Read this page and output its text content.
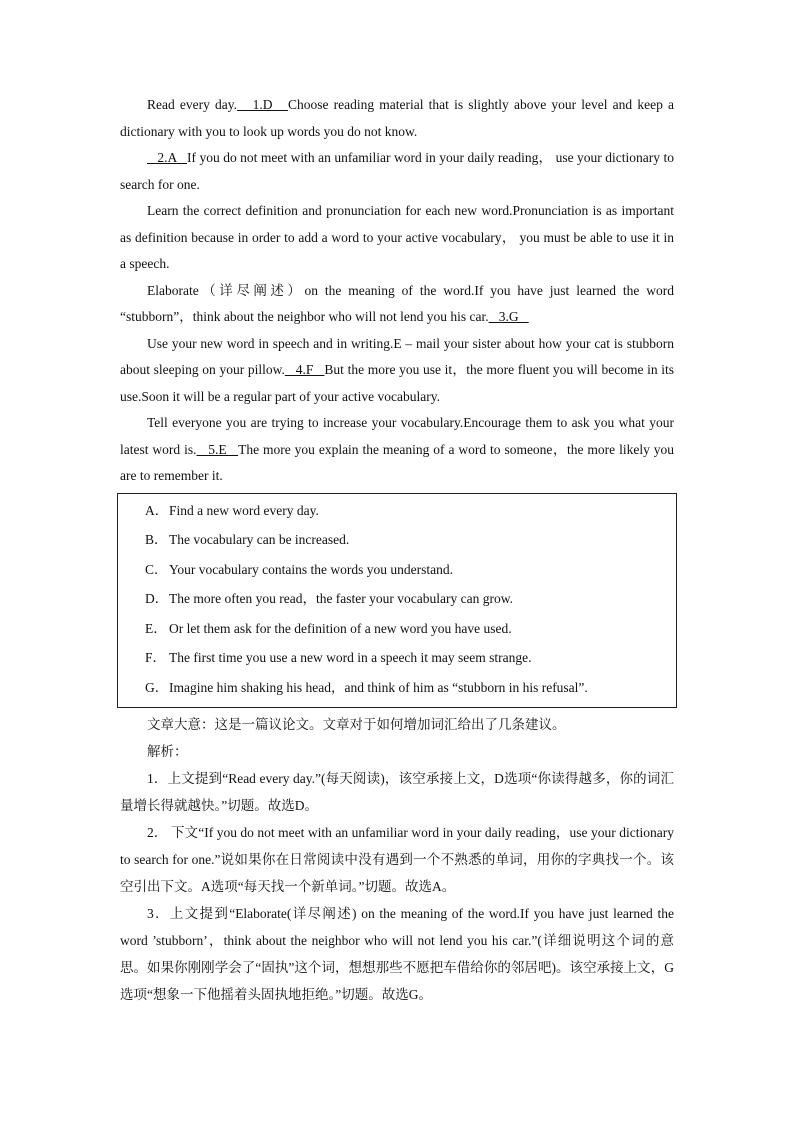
Read every day.   1.D   Choose reading material that is slightly above your level and keep a dictionary with you to look up words you do not know.

2.A   If you do not meet with an unfamiliar word in your daily reading， use your dictionary to search for one.

Learn the correct definition and pronunciation for each new word.Pronunciation is as important as definition because in order to add a word to your active vocabulary， you must be able to use it in a speech.

Elaborate（详尽阐述）on the meaning of the word.If you have just learned the word “stubborn”，think about the neighbor who will not lend you his car.   3.G

Use your new word in speech and in writing.E – mail your sister about how your cat is stubborn about sleeping on your pillow.   4.F   But the more you use it，the more fluent you will become in its use.Soon it will be a regular part of your active vocabulary.

Tell everyone you are trying to increase your vocabulary.Encourage them to ask you what your latest word is.   5.E   The more you explain the meaning of a word to someone，the more likely you are to remember it.

A．Find a new word every day.

B．The vocabulary can be increased.

C．Your vocabulary contains the words you understand.

D．The more often you read，the faster your vocabulary can grow.

E． Or let them ask for the definition of a new word you have used.

F． The first time you use a new word in a speech it may seem strange.

G．Imagine him shaking his head，and think of him as “stubborn in his refusal”.

文章大意：这是一篇议论文。文章对于如何增加词汇给出了几条建议。

解析：

1．上文提到“Read every day.”(每天阅读)，该空承接上文，D选项“你读得越多，你的词汇量增长得就越快。”切题。故选D。

2． 下文“If you do not meet with an unfamiliar word in your daily reading，use your dictionary to search for one.”说如果你在日常阅读中没有遇到一个不熟悉的单词，用你的字典找一个。该空引出下文。A选项“每天找一个新单词。”切题。故选A。

3．上文提到“Elaborate(详尽阐述) on the meaning of the word.If you have just learned the word ’stubborn’，think about the neighbor who will not lend you his car.”(详细说明这个词的意思。如果你刚刚学会了“固执”这个词，想想那些不愿把车借给你的邻居吧)。该空承接上文，G选项“想象一下他摇着头固执地拒绝。”切题。故选G。
